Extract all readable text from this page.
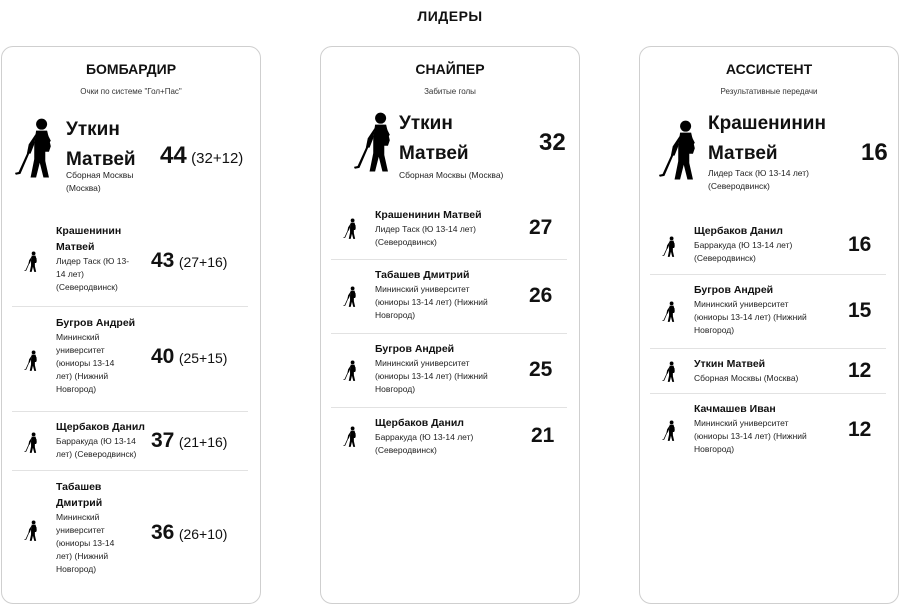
ЛИДЕРЫ
БОМБАРДИР
Очки по системе "Гол+Пас"
Уткин
Матвей
Сборная Москвы
(Москва)
44 (32+12)
Крашенинин
Матвей
Лидер Таск (Ю 13-
14 лет)
(Северодвинск)
43 (27+16)
Бугров Андрей
Мининский
университет
(юниоры 13-14
лет) (Нижний
Новгород)
40 (25+15)
Щербаков Данил
Барракуда (Ю 13-14
лет) (Северодвинск)
37 (21+16)
Табашев
Дмитрий
Мининский
университет
(юниоры 13-14
лет) (Нижний
Новгород)
36 (26+10)
СНАЙПЕР
Забитые голы
Уткин
Матвей
Сборная Москвы (Москва)
32
Крашенинин Матвей
Лидер Таск (Ю 13-14 лет)
(Северодвинск)
27
Табашев Дмитрий
Мининский университет
(юниоры 13-14 лет) (Нижний
Новгород)
26
Бугров Андрей
Мининский университет
(юниоры 13-14 лет) (Нижний
Новгород)
25
Щербаков Данил
Барракуда (Ю 13-14 лет)
(Северодвинск)
21
АССИСТЕНТ
Результативные передачи
Крашенинин
Матвей
Лидер Таск (Ю 13-14 лет)
(Северодвинск)
16
Щербаков Данил
Барракуда (Ю 13-14 лет)
(Северодвинск)
16
Бугров Андрей
Мининский университет
(юниоры 13-14 лет) (Нижний
Новгород)
15
Уткин Матвей
Сборная Москвы (Москва) 12
Качмашев Иван
Мининский университет
(юниоры 13-14 лет) (Нижний
Новгород)
12
